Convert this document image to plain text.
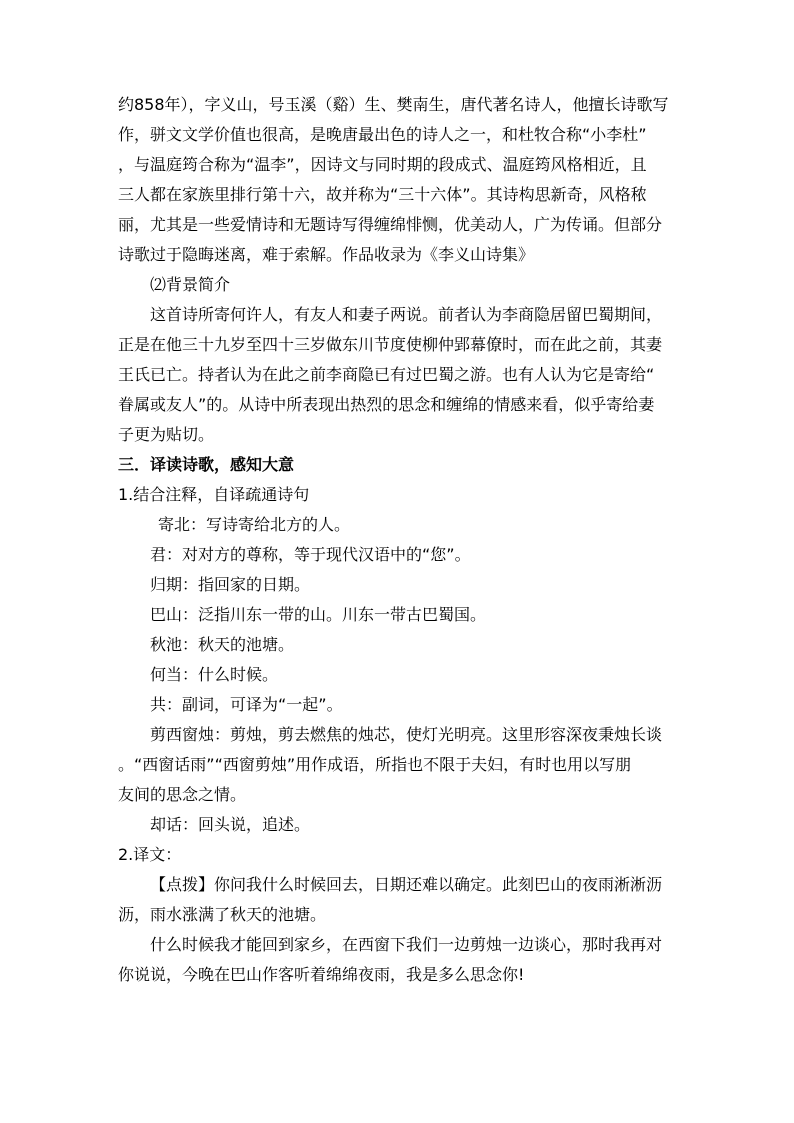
约858年），字义山，号玉溪（谿）生、樊南生，唐代著名诗人，他擅长诗歌写

作，骈文文学价值也很高，是晚唐最出色的诗人之一，和杜牧合称“小李杜”

，与温庭筠合称为“温李”，因诗文与同时期的段成式、温庭筠风格相近，且

三人都在家族里排行第十六，故并称为“三十六体”。其诗构思新奇，风格秾

丽，尤其是一些爱情诗和无题诗写得缠绵悱恻，优美动人，广为传诵。但部分

诗歌过于隐晦迷离，难于索解。作品收录为《李义山诗集》

⑵背景简介

这首诗所寄何许人，有友人和妻子两说。前者认为李商隐居留巴蜀期间，

正是在他三十九岁至四十三岁做东川节度使柳仲郢幕僚时，而在此之前，其妻

王氏已亡。持者认为在此之前李商隐已有过巴蜀之游。也有人认为它是寄给“

眷属或友人”的。从诗中所表现出热烈的思念和缠绵的情感来看，似乎寄给妻

子更为贴切。

三．译读诗歌，感知大意

1.结合注释，自译疏通诗句

寄北：写诗寄给北方的人。

君：对对方的尊称，等于现代汉语中的“您”。

归期：指回家的日期。

巴山：泛指川东一带的山。川东一带古巴蜀国。

秋池：秋天的池塘。

何当：什么时候。

共：副词，可译为“一起”。

剪西窗烛：剪烛，剪去燃焦的烛芯，使灯光明亮。这里形容深夜秉烛长谈

。“西窗话雨”“西窗剪烛”用作成语，所指也不限于夫妇，有时也用以写朋

友间的思念之情。

却话：回头说，追述。

2.译文：

【点拨】你问我什么时候回去，日期还难以确定。此刻巴山的夜雨淅淅沥

沥，雨水涨满了秋天的池塘。

什么时候我才能回到家乡，在西窗下我们一边剪烛一边谈心，那时我再对

你说说，今晚在巴山作客听着绵绵夜雨，我是多么思念你!
